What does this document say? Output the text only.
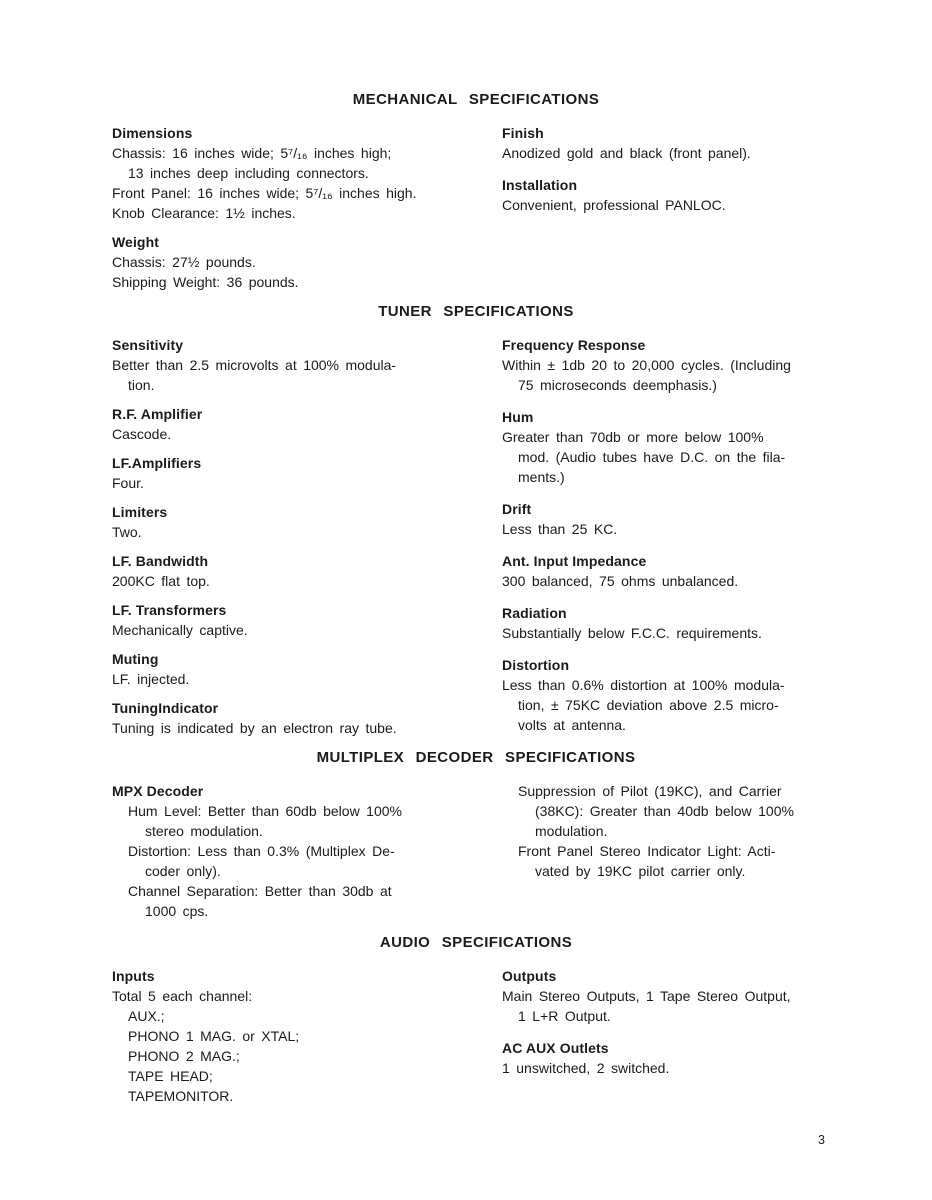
MECHANICAL SPECIFICATIONS
Dimensions
Chassis: 16 inches wide; 5⁷/₁₆ inches high;
13 inches deep including connectors.
Front Panel: 16 inches wide; 5⁷/₁₆ inches high.
Knob Clearance: 1½ inches.
Weight
Chassis: 27½ pounds.
Shipping Weight: 36 pounds.
Finish
Anodized gold and black (front panel).
Installation
Convenient, professional PANLOC.
TUNER SPECIFICATIONS
Sensitivity
Better than 2.5 microvolts at 100% modula-
tion.
R.F. Amplifier
Cascode.
LF.Amplifiers
Four.
Limiters
Two.
LF. Bandwidth
200KC flat top.
LF. Transformers
Mechanically captive.
Muting
LF. injected.
TuningIndicator
Tuning is indicated by an electron ray tube.
Frequency Response
Within ± 1db 20 to 20,000 cycles. (Including
75 microseconds deemphasis.)
Hum
Greater than 70db or more below 100%
mod. (Audio tubes have D.C. on the fila-
ments.)
Drift
Less than 25 KC.
Ant. Input Impedance
300 balanced, 75 ohms unbalanced.
Radiation
Substantially below F.C.C. requirements.
Distortion
Less than 0.6% distortion at 100% modula-
tion, ± 75KC deviation above 2.5 micro-
volts at antenna.
MULTIPLEX DECODER SPECIFICATIONS
MPX Decoder
Hum Level: Better than 60db below 100%
stereo modulation.
Distortion: Less than 0.3% (Multiplex De-
coder only).
Channel Separation: Better than 30db at
1000 cps.
Suppression of Pilot (19KC), and Carrier
(38KC): Greater than 40db below 100%
modulation.
Front Panel Stereo Indicator Light: Acti-
vated by 19KC pilot carrier only.
AUDIO SPECIFICATIONS
Inputs
Total 5 each channel:
AUX.;
PHONO 1 MAG. or XTAL;
PHONO 2 MAG.;
TAPE HEAD;
TAPEMONITOR.
Outputs
Main Stereo Outputs, 1 Tape Stereo Output,
1 L+R Output.
AC AUX Outlets
1 unswitched, 2 switched.
3
